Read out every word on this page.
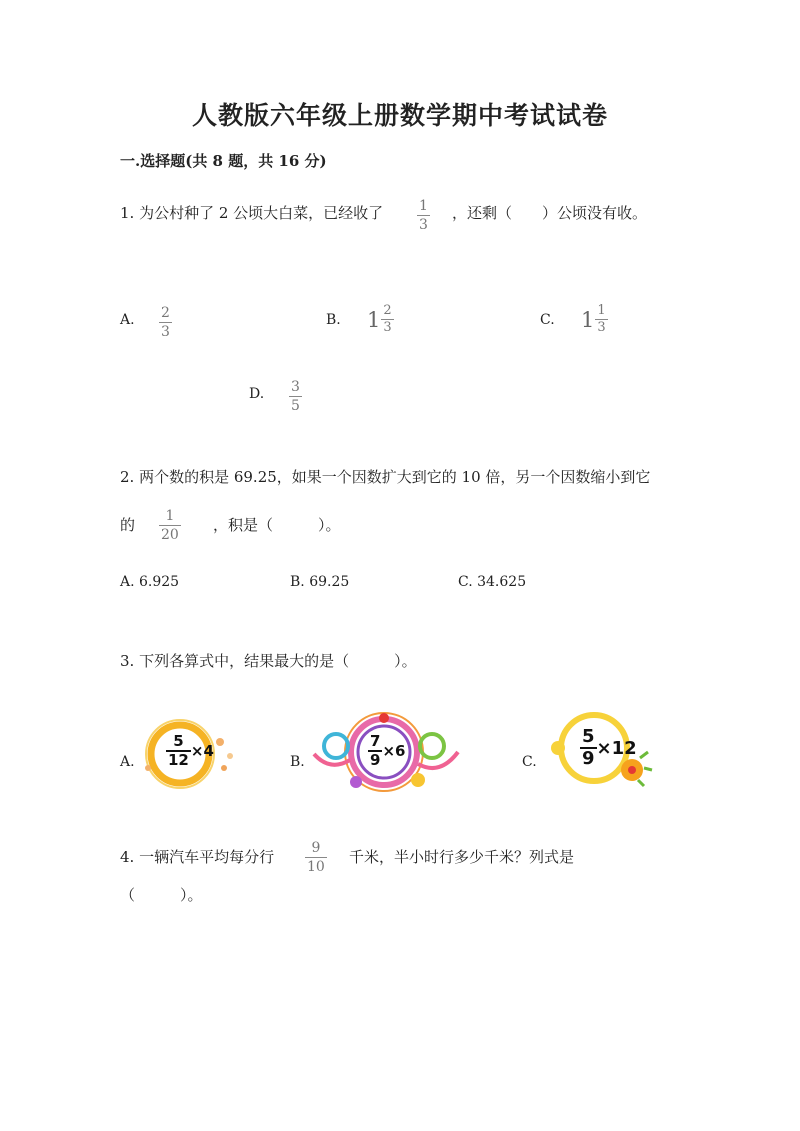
人教版六年级上册数学期中考试试卷
一.选择题(共 8 题，共 16 分)
1. 为公村种了 2 公顷大白菜，已经收了	1
3
，还剩（　　）公顷没有收。
A. 2
3
B. $1 \frac{2}{3}$	C. $1 \frac{1}{3}$
D. 3
5
2. 两个数的积是 69.25，如果一个因数扩大到它的 10 倍，另一个因数缩小到它
的 1
20
，积是（　　　）。
A. 6.925	B. 69.25	C. 34.625
3. 下列各算式中，结果最大的是（　　　）。
A. $\frac{5}{12} \times 4$
B.	$\frac{7}{9} \times 6$
C. $\frac{5}{9} \times 12$
4. 一辆汽车平均每分行	9
10
千米，半小时行多少千米？列式是
（　　　）。
